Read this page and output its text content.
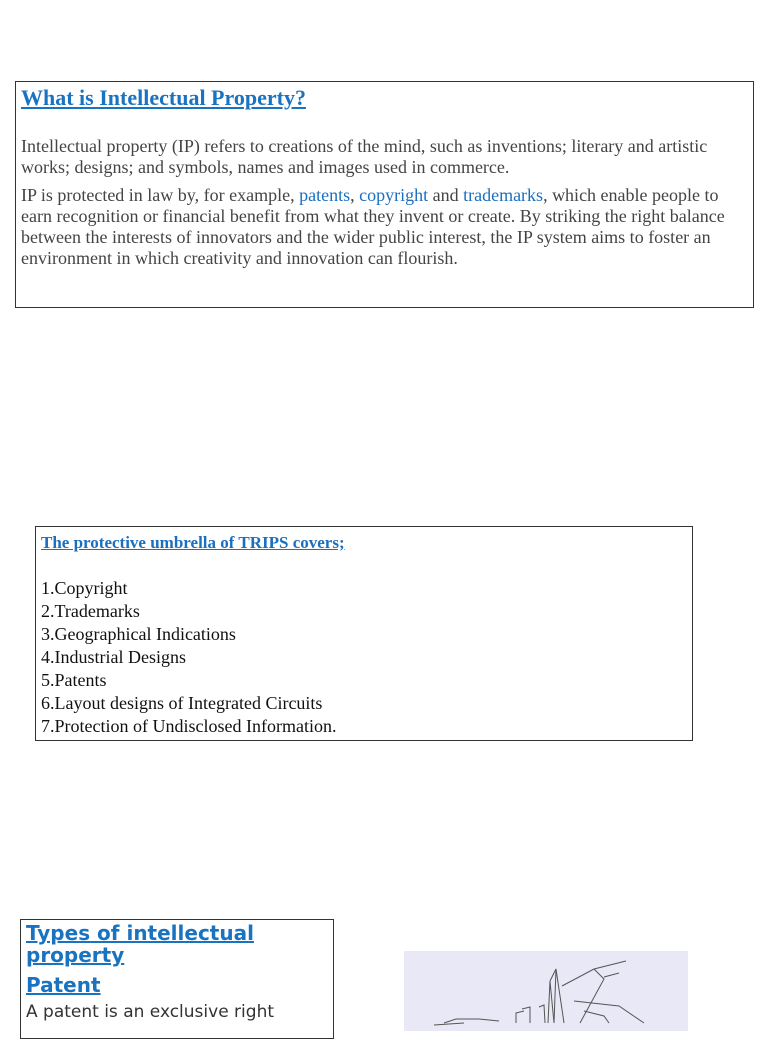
What is Intellectual Property?

Intellectual property (IP) refers to creations of the mind, such as inventions; literary and artistic works; designs; and symbols, names and images used in commerce.

IP is protected in law by, for example, patents, copyright and trademarks, which enable people to earn recognition or financial benefit from what they invent or create. By striking the right balance between the interests of innovators and the wider public interest, the IP system aims to foster an environment in which creativity and innovation can flourish.

The protective umbrella of TRIPS covers;
1.Copyright
2.Trademarks
3.Geographical Indications
4.Industrial Designs
5.Patents
6.Layout designs of Integrated Circuits
7.Protection of Undisclosed Information.
Types of intellectual property
Patent
A patent is an exclusive right
